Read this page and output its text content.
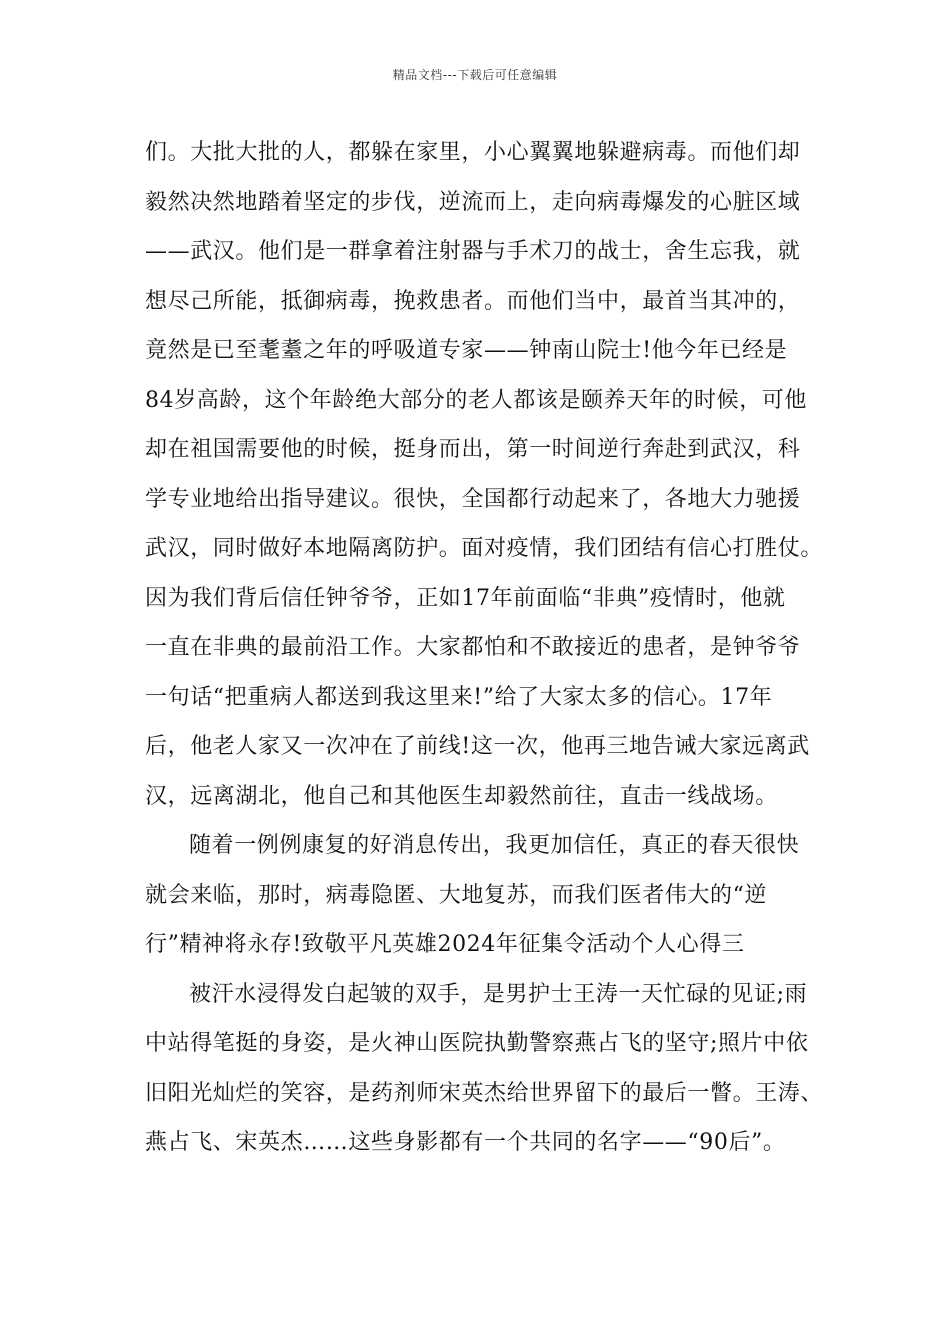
精品文档---下载后可任意编辑
们。大批大批的人，都躲在家里，小心翼翼地躲避病毒。而他们却
毅然决然地踏着坚定的步伐，逆流而上，走向病毒爆发的心脏区域
——武汉。他们是一群拿着注射器与手术刀的战士，舍生忘我，就
想尽己所能，抵御病毒，挽救患者。而他们当中，最首当其冲的，
竟然是已至耄耋之年的呼吸道专家——钟南山院士!他今年已经是
84岁高龄，这个年龄绝大部分的老人都该是颐养天年的时候，可他
却在祖国需要他的时候，挺身而出，第一时间逆行奔赴到武汉，科
学专业地给出指导建议。很快，全国都行动起来了，各地大力驰援
武汉，同时做好本地隔离防护。面对疫情，我们团结有信心打胜仗。
因为我们背后信任钟爷爷，正如17年前面临“非典”疫情时，他就
一直在非典的最前沿工作。大家都怕和不敢接近的患者，是钟爷爷
一句话“把重病人都送到我这里来!”给了大家太多的信心。17年
后，他老人家又一次冲在了前线!这一次，他再三地告诫大家远离武
汉，远离湖北，他自己和其他医生却毅然前往，直击一线战场。
随着一例例康复的好消息传出，我更加信任，真正的春天很快
就会来临，那时，病毒隐匿、大地复苏，而我们医者伟大的“逆
行”精神将永存!致敬平凡英雄2024年征集令活动个人心得三
被汗水浸得发白起皱的双手，是男护士王涛一天忙碌的见证;雨
中站得笔挺的身姿，是火神山医院执勤警察燕占飞的坚守;照片中依
旧阳光灿烂的笑容，是药剂师宋英杰给世界留下的最后一瞥。王涛、
燕占飞、宋英杰……这些身影都有一个共同的名字——“90后”。
